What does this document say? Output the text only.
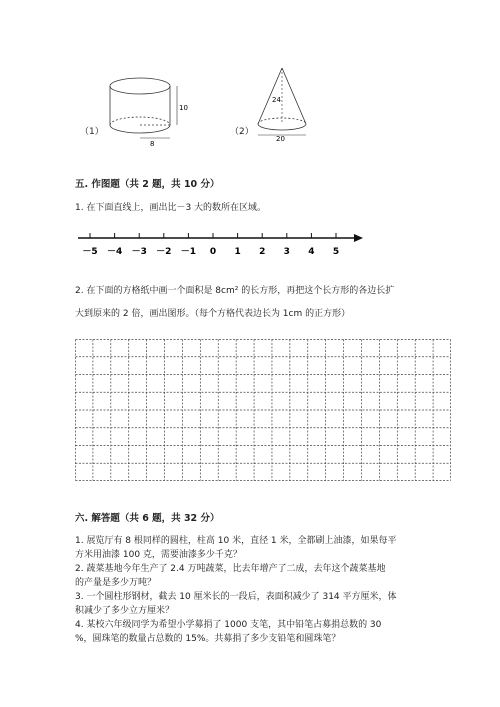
（1）
10
8
（2）
24
20
五. 作图题（共 2 题，共 10 分）
1. 在下面直线上，画出比－3 大的数所在区域。
－5 －4 －3 －2 －1 0 1 2 3 4 5
2. 在下面的方格纸中画一个面积是 8cm² 的长方形，再把这个长方形的各边长扩
大到原来的 2 倍，画出图形。（每个方格代表边长为 1cm 的正方形）
六. 解答题（共 6 题，共 32 分）
1. 展览厅有 8 根同样的圆柱，柱高 10 米，直径 1 米，全都刷上油漆，如果每平
方米用油漆 100 克，需要油漆多少千克？
2. 蔬菜基地今年生产了 2.4 万吨蔬菜，比去年增产了二成，去年这个蔬菜基地
的产量是多少万吨？
3. 一个圆柱形钢材，截去 10 厘米长的一段后，表面积减少了 314 平方厘米，体
积减少了多少立方厘米？
4. 某校六年级同学为希望小学募捐了 1000 支笔，其中铅笔占募捐总数的 30
%，圆珠笔的数量占总数的 15%。共募捐了多少支铅笔和圆珠笔？
